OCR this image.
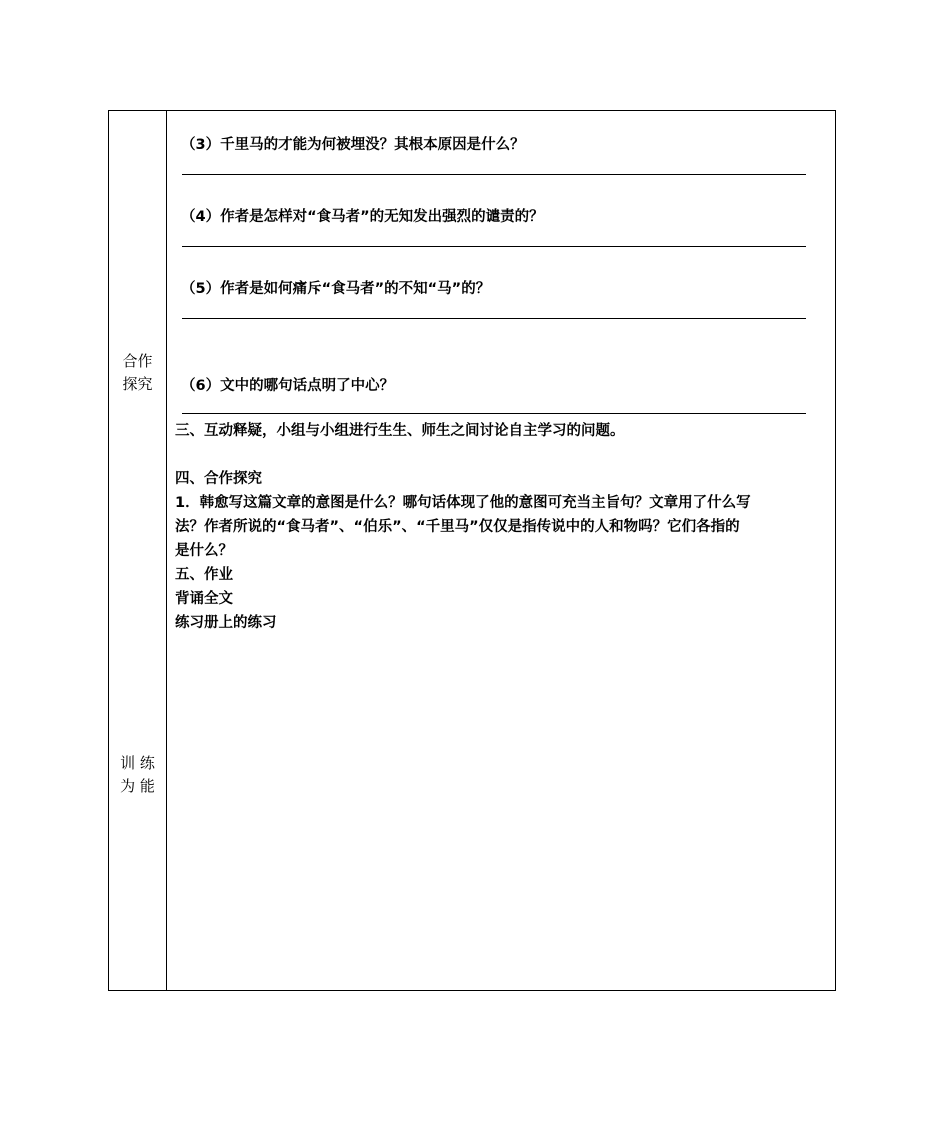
合作
探究
训 练
为 能
（3）千里马的才能为何被埋没？其根本原因是什么？
（4）作者是怎样对“食马者”的无知发出强烈的谴责的？
（5）作者是如何痛斥“食马者”的不知“马”的？
（6）文中的哪句话点明了中心？
三、互动释疑，小组与小组进行生生、师生之间讨论自主学习的问题。
四、合作探究
1．韩愈写这篇文章的意图是什么？哪句话体现了他的意图可充当主旨句？文章用了什么写
法？作者所说的“食马者”、“伯乐”、“千里马”仅仅是指传说中的人和物吗？它们各指的
是什么？
五、作业
背诵全文
练习册上的练习
